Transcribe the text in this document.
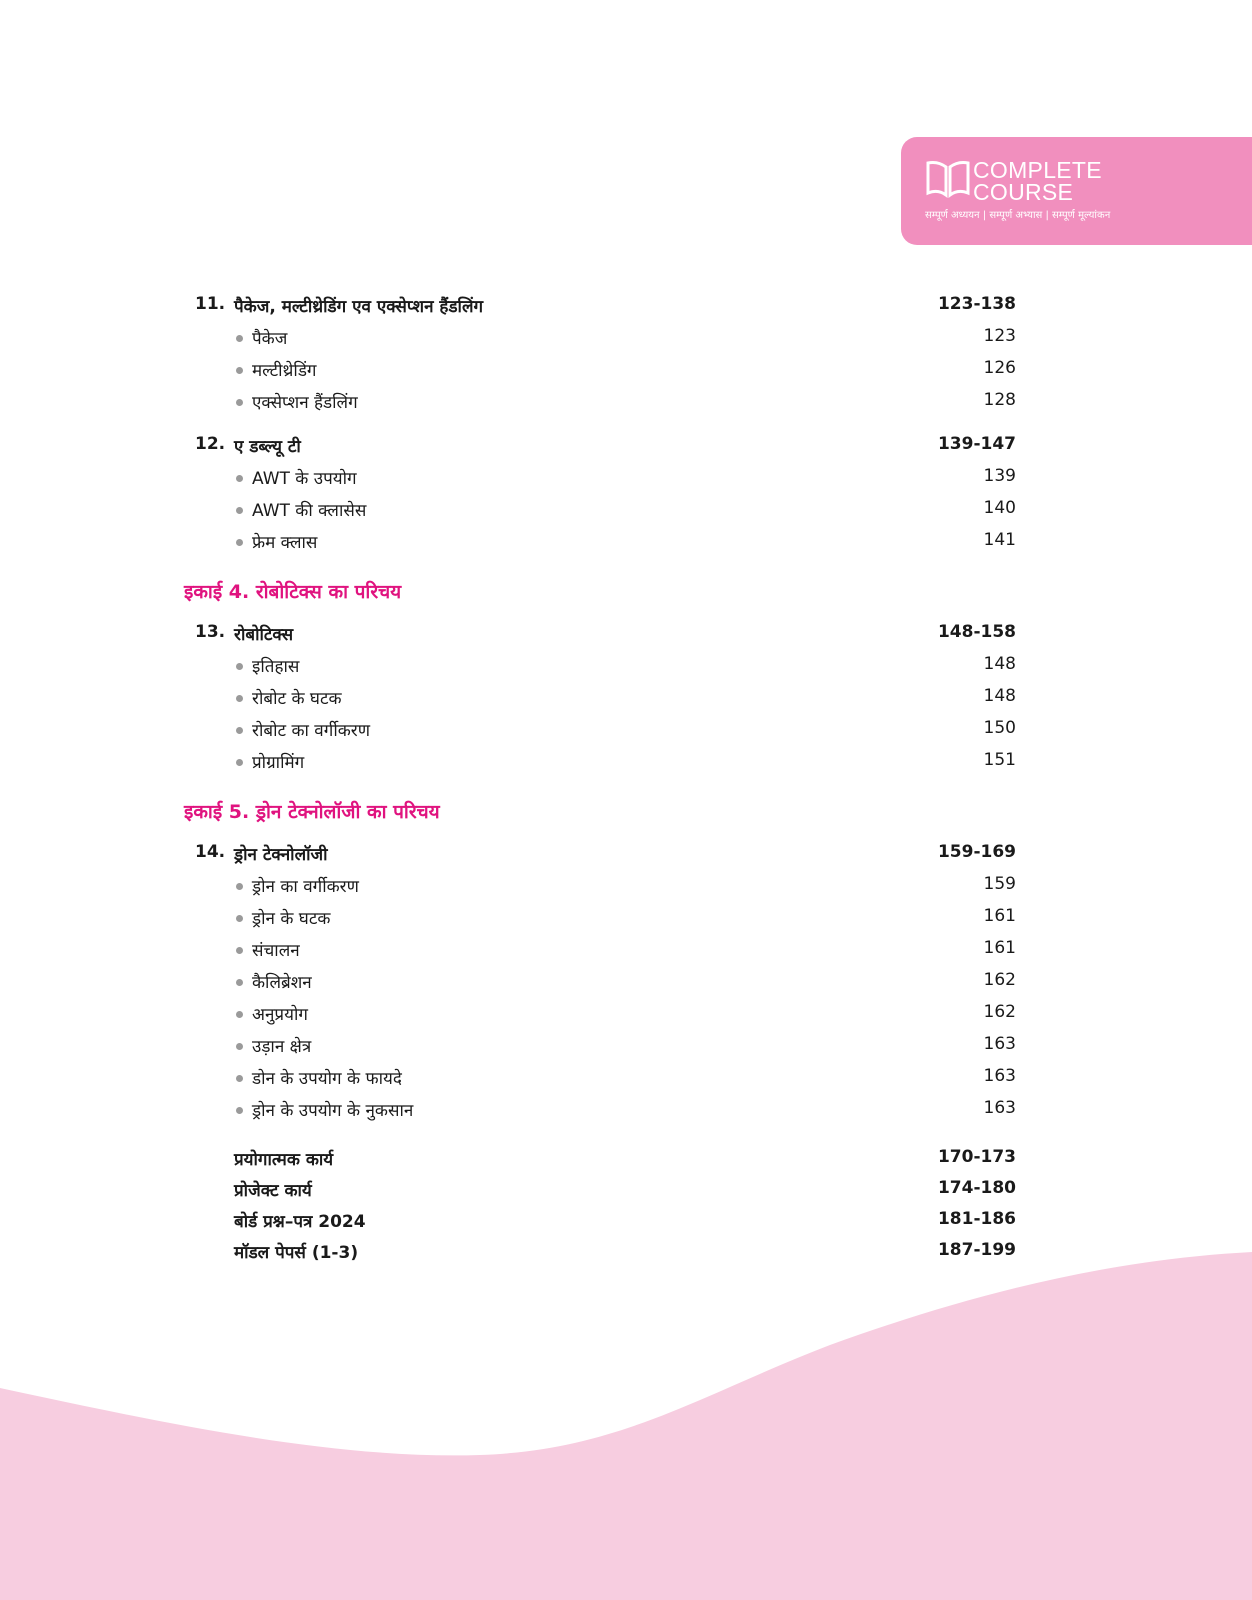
COMPLETE
COURSE
सम्पूर्ण अध्ययन | सम्पूर्ण अभ्यास | सम्पूर्ण मूल्यांकन
11. पैकेज, मल्टीथ्रेडिंग एव एक्सेप्शन हैंडलिंग	123-138
पैकेज	123
मल्टीथ्रेडिंग	126
एक्सेप्शन हैंडलिंग	128
12. ए डब्ल्यू टी	139-147
AWT के उपयोग	139
AWT की क्लासेस	140
फ्रेम क्लास	141
इकाई 4. रोबोटिक्स का परिचय
13. रोबोटिक्स	148-158
इतिहास	148
रोबोट के घटक	148
रोबोट का वर्गीकरण	150
प्रोग्रामिंग	151
इकाई 5. ड्रोन टेक्नोलॉजी का परिचय
14. ड्रोन टेक्नोलॉजी	159-169
ड्रोन का वर्गीकरण	159
ड्रोन के घटक	161
संचालन	161
कैलिब्रेशन	162
अनुप्रयोग	162
उड़ान क्षेत्र	163
डोन के उपयोग के फायदे	163
ड्रोन के उपयोग के नुकसान	163
प्रयोगात्मक कार्य	170-173
प्रोजेक्ट कार्य	174-180
बोर्ड प्रश्न–पत्र 2024	181-186
मॉडल पेपर्स (1-3)	187-199
